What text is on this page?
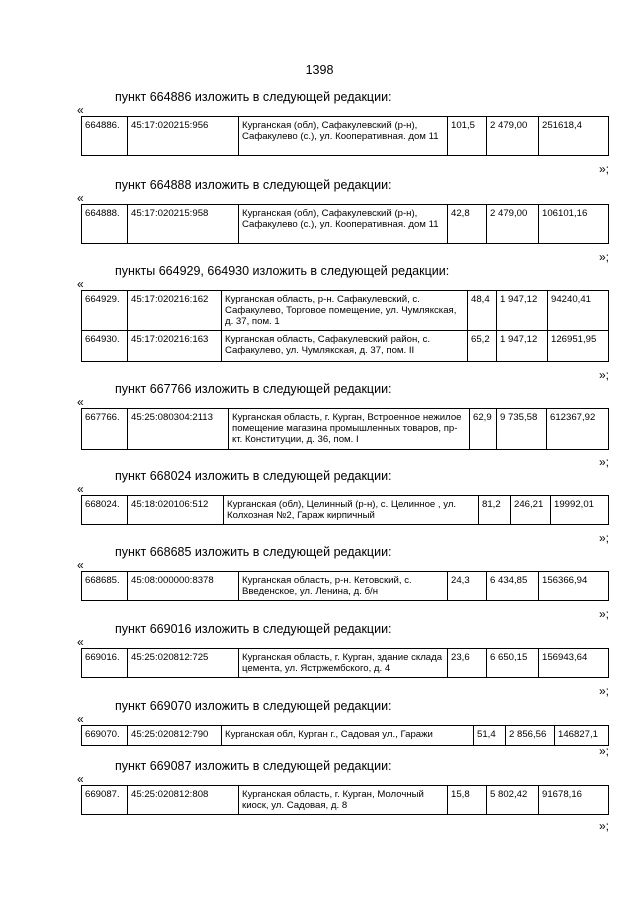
1398
пункт 664886 изложить в следующей редакции:
«
664886.	45:17:020215:956	Курганская (обл), Сафакулевский (р-н), Сафакулево (с.), ул. Кооперативная. дом 11	101,5	2 479,00	251618,4
»;
пункт 664888 изложить в следующей редакции:
«
664888.	45:17:020215:958	Курганская (обл), Сафакулевский (р-н), Сафакулево (с.), ул. Кооперативная. дом 11	42,8	2 479,00	106101,16
»;
пункты 664929, 664930 изложить в следующей редакции:
«
664929.	45:17:020216:162	Курганская область, р-н. Сафакулевский, с. Сафакулево, Торговое помещение, ул. Чумлякская, д. 37, пом. 1	48,4	1 947,12	94240,41
664930.	45:17:020216:163	Курганская область, Сафакулевский район, с. Сафакулево, ул. Чумлякская, д. 37, пом. II	65,2	1 947,12	126951,95
»;
пункт 667766 изложить в следующей редакции:
«
667766.	45:25:080304:2113	Курганская область, г. Курган, Встроенное нежилое помещение магазина промышленных товаров, пр-кт. Конституции, д. 36, пом. I	62,9	9 735,58	612367,92
»;
пункт 668024 изложить в следующей редакции:
«
668024.	45:18:020106:512	Курганская (обл), Целинный (р-н), с. Целинное , ул. Колхозная №2, Гараж кирпичный	81,2	246,21	19992,01
»;
пункт 668685 изложить в следующей редакции:
«
668685.	45:08:000000:8378	Курганская область, р-н. Кетовский, с. Введенское, ул. Ленина, д. б/н	24,3	6 434,85	156366,94
»;
пункт 669016 изложить в следующей редакции:
«
669016.	45:25:020812:725	Курганская область, г. Курган, здание склада цемента, ул. Ястржембского, д. 4	23,6	6 650,15	156943,64
»;
пункт 669070 изложить в следующей редакции:
«
669070.	45:25:020812:790	Курганская обл, Курган г., Садовая ул., Гаражи	51,4	2 856,56	146827,1
»;
пункт 669087 изложить в следующей редакции:
«
669087.	45:25:020812:808	Курганская область, г. Курган, Молочный киоск, ул. Садовая, д. 8	15,8	5 802,42	91678,16
»;
